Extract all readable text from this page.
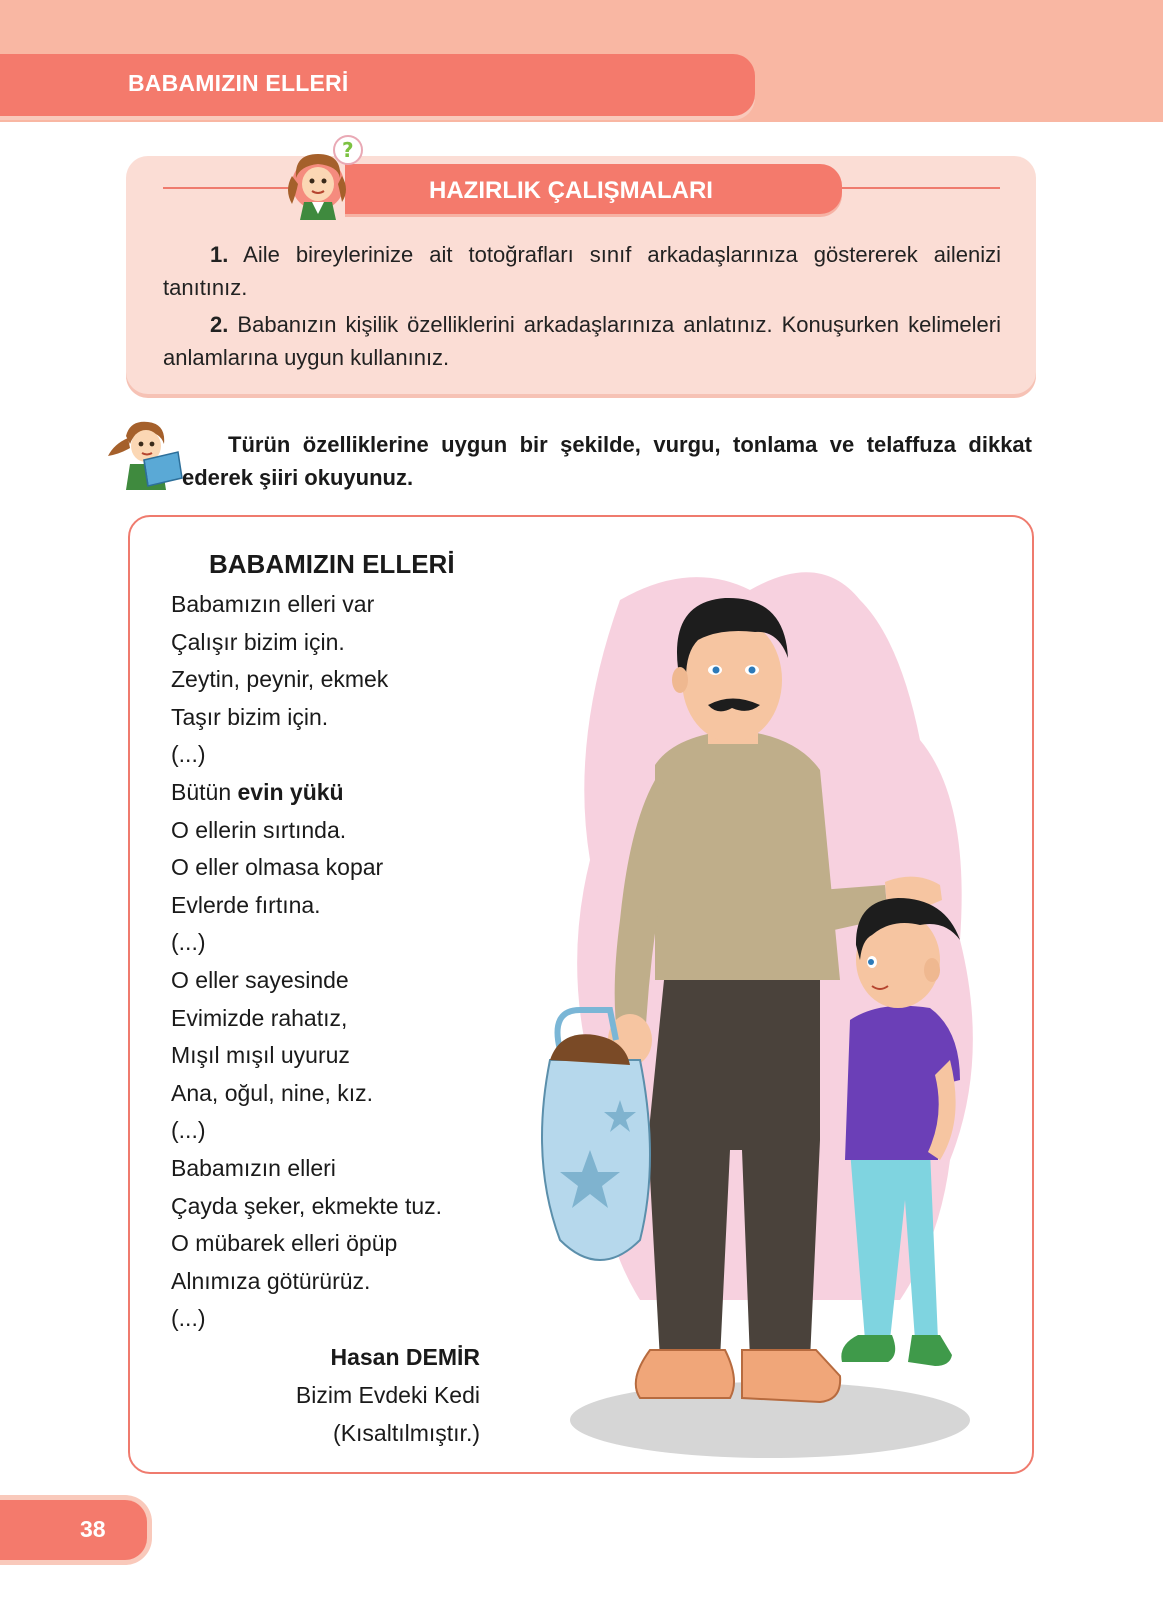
BABAMIZIN ELLERİ
HAZIRLIK ÇALIŞMALARI
?

1. Aile bireylerinize ait totoğrafları sınıf arkadaşlarınıza göstererek ailenizi tanıtınız.

2. Babanızın kişilik özelliklerini arkadaşlarınıza anlatınız. Konuşurken kelimeleri anlamlarına uygun kullanınız.

Türün özelliklerine uygun bir şekilde, vurgu, tonlama ve telaffuza dikkat ederek şiiri okuyunuz.
BABAMIZIN ELLERİ
Babamızın elleri var
Çalışır bizim için.
Zeytin, peynir, ekmek
Taşır bizim için.
(...)
Bütün evin yükü
O ellerin sırtında.
O eller olmasa kopar
Evlerde fırtına.
(...)
O eller sayesinde
Evimizde rahatız,
Mışıl mışıl uyuruz
Ana, oğul, nine, kız.
(...)
Babamızın elleri
Çayda şeker, ekmekte tuz.
O mübarek elleri öpüp
Alnımıza götürürüz.
(...)
Hasan DEMİR
Bizim Evdeki Kedi
(Kısaltılmıştır.)
38
